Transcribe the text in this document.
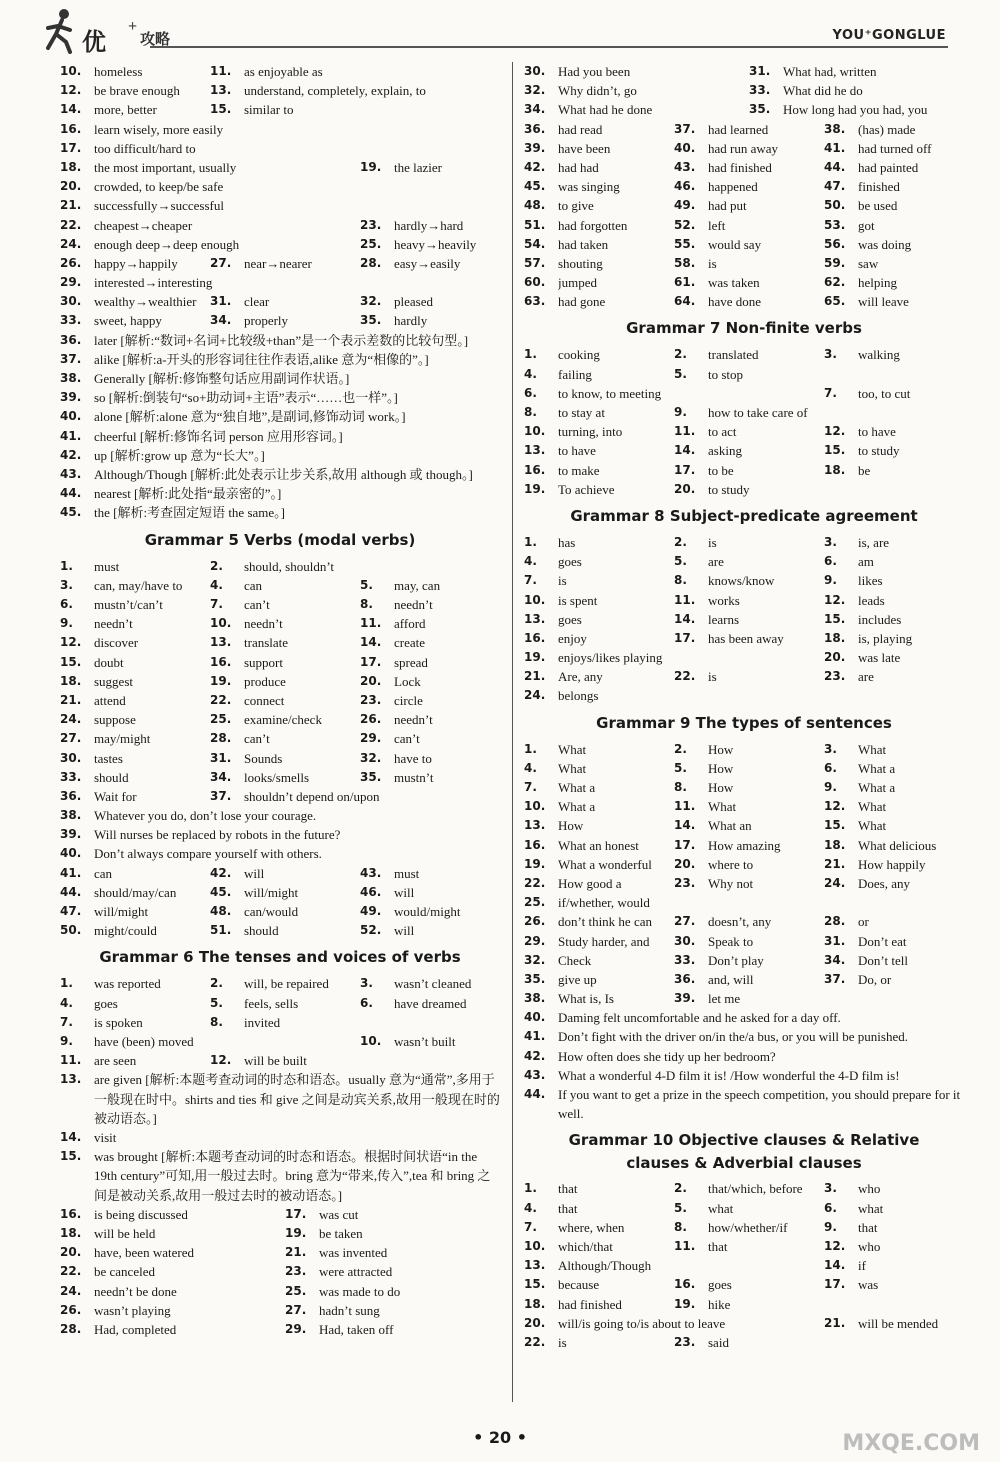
优
+
攻略	YOU⁺GONGLUE
10. homeless	11. as enjoyable as
12. be brave enough	13. understand, completely, explain, to
14. more, better	15. similar to
16. learn wisely, more easily
17. too difficult/hard to
18. the most important, usually	19. the lazier
20. crowded, to keep/be safe
21. successfully→successful
22. cheapest→cheaper	23. hardly→hard
24. enough deep→deep enough	25. heavy→heavily
26. happy→happily	27. near→nearer	28. easy→easily
29. interested→interesting
30. wealthy→wealthier	31. clear	32. pleased
33. sweet, happy	34. properly	35. hardly
36. later [解析:“数词+名词+比较级+than”是一个表示差数的比较句型。]
37. alike [解析:a-开头的形容词往往作表语,alike 意为“相像的”。]
38. Generally [解析:修饰整句话应用副词作状语。]
39. so [解析:倒装句“so+助动词+主语”表示“……也一样”。]
40. alone [解析:alone 意为“独自地”,是副词,修饰动词 work。]
41. cheerful [解析:修饰名词 person 应用形容词。]
42. up [解析:grow up 意为“长大”。]
43. Although/Though [解析:此处表示让步关系,故用 although 或 though。]
44. nearest [解析:此处指“最亲密的”。]
45. the [解析:考查固定短语 the same。]
Grammar 5 Verbs (modal verbs)
1.	must	2.	should, shouldn’t
3.	can, may/have to	4.	can	5.	may, can
6.	mustn’t/can’t	7.	can’t	8.	needn’t
9.	needn’t	10. needn’t	11. afford
12. discover	13. translate	14. create
15. doubt	16. support	17. spread
18. suggest	19. produce	20. Lock
21. attend	22. connect	23. circle
24. suppose	25. examine/check	26. needn’t
27. may/might	28. can’t	29. can’t
30. tastes	31. Sounds	32. have to
33. should	34. looks/smells	35. mustn’t
36. Wait for	37. shouldn’t depend on/upon
38. Whatever you do, don’t lose your courage.
39. Will nurses be replaced by robots in the future?
40. Don’t always compare yourself with others.
41. can	42. will	43. must
44. should/may/can	45. will/might	46. will
47. will/might	48. can/would	49. would/might
50. might/could	51. should	52. will
Grammar 6 The tenses and voices of verbs
1.	was reported	2.	will, be repaired	3.	wasn’t cleaned
4.	goes	5.	feels, sells	6.	have dreamed
7.	is spoken	8.	invited
9.	have (been) moved	10. wasn’t built
11. are seen	12. will be built
13. are given [解析:本题考查动词的时态和语态。usually 意为“通常”,多用于一般现在时中。shirts and ties 和 give 之间是动宾关系,故用一般现在时的被动语态。]
14. visit
15. was brought [解析:本题考查动词的时态和语态。根据时间状语“in the 19th century”可知,用一般过去时。bring 意为“带来,传入”,tea 和 bring 之间是被动关系,故用一般过去时的被动语态。]
16. is being discussed	17. was cut
18. will be held	19. be taken
20. have, been watered	21. was invented
22. be canceled	23. were attracted
24. needn’t be done	25. was made to do
26. wasn’t playing	27. hadn’t sung
28. Had, completed	29. Had, taken off
30. Had you been	31. What had, written
32. Why didn’t, go	33. What did he do
34. What had he done	35. How long had you had, you
36. had read	37. had learned	38. (has) made
39. have been	40. had run away	41. had turned off
42. had had	43. had finished	44. had painted
45. was singing	46. happened	47. finished
48. to give	49. had put	50. be used
51. had forgotten	52. left	53. got
54. had taken	55. would say	56. was doing
57. shouting	58. is	59. saw
60. jumped	61. was taken	62. helping
63. had gone	64. have done	65. will leave
Grammar 7 Non-finite verbs
1.	cooking	2.	translated	3.	walking
4.	failing	5.	to stop
6.	to know, to meeting	7.	too, to cut
8.	to stay at	9.	how to take care of
10. turning, into	11. to act	12. to have
13. to have	14. asking	15. to study
16. to make	17. to be	18. be
19. To achieve	20. to study
Grammar 8 Subject-predicate agreement
1.	has	2.	is	3.	is, are
4.	goes	5.	are	6.	am
7.	is	8.	knows/know	9.	likes
10. is spent	11. works	12. leads
13. goes	14. learns	15. includes
16. enjoy	17. has been away	18. is, playing
19. enjoys/likes playing	20. was late
21. Are, any	22. is	23. are
24. belongs
Grammar 9 The types of sentences
1.	What	2.	How	3.	What
4.	What	5.	How	6.	What a
7.	What a	8.	How	9.	What a
10. What a	11. What	12. What
13. How	14. What an	15. What
16. What an honest	17. How amazing	18. What delicious
19. What a wonderful	20. where to	21. How happily
22. How good a	23. Why not	24. Does, any
25. if/whether, would
26. don’t think he can	27. doesn’t, any	28. or
29. Study harder, and	30. Speak to	31. Don’t eat
32. Check	33. Don’t play	34. Don’t tell
35. give up	36. and, will	37. Do, or
38. What is, Is	39. let me
40. Daming felt uncomfortable and he asked for a day off.
41. Don’t fight with the driver on/in the/a bus, or you will be punished.
42. How often does she tidy up her bedroom?
43. What a wonderful 4-D film it is! /How wonderful the 4-D film is!
44. If you want to get a prize in the speech competition, you should prepare for it well.
Grammar 10 Objective clauses & Relative
clauses & Adverbial clauses
1.	that	2.	that/which, before	3.	who
4.	that	5.	what	6.	what
7.	where, when	8.	how/whether/if	9.	that
10. which/that	11. that	12. who
13. Although/Though	14. if
15. because	16. goes	17. was
18. had finished	19. hike
20. will/is going to/is about to leave	21. will be mended
22. is	23. said
• 20 •	MXQE.COM
